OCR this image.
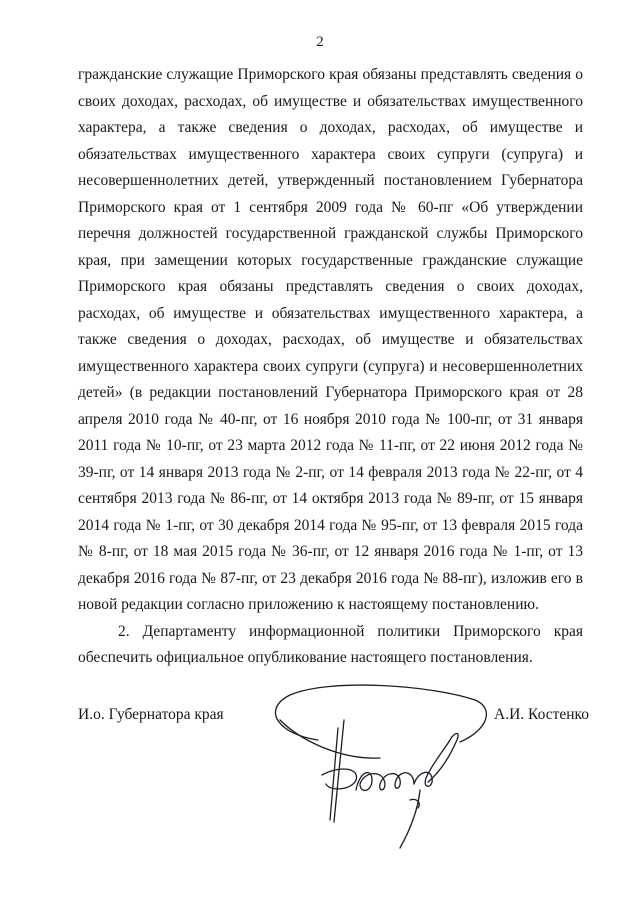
2

гражданские служащие Приморского края обязаны представлять сведения о своих доходах, расходах, об имуществе и обязательствах имущественного характера, а также сведения о доходах, расходах, об имуществе и обязательствах имущественного характера своих супруги (супруга) и несовершеннолетних детей, утвержденный постановлением Губернатора Приморского края от 1 сентября 2009 года № 60-пг «Об утверждении перечня должностей государственной гражданской службы Приморского края, при замещении которых государственные гражданские служащие Приморского края обязаны представлять сведения о своих доходах, расходах, об имуществе и обязательствах имущественного характера, а также сведения о доходах, расходах, об имуществе и обязательствах имущественного характера своих супруги (супруга) и несовершеннолетних детей» (в редакции постановлений Губернатора Приморского края от 28 апреля 2010 года № 40-пг, от 16 ноября 2010 года № 100-пг, от 31 января 2011 года № 10-пг, от 23 марта 2012 года № 11-пг, от 22 июня 2012 года № 39-пг, от 14 января 2013 года № 2-пг, от 14 февраля 2013 года № 22-пг, от 4 сентября 2013 года № 86-пг, от 14 октября 2013 года № 89-пг, от 15 января 2014 года № 1-пг, от 30 декабря 2014 года № 95-пг, от 13 февраля 2015 года № 8-пг, от 18 мая 2015 года № 36-пг, от 12 января 2016 года № 1-пг, от 13 декабря 2016 года № 87-пг, от 23 декабря 2016 года № 88-пг), изложив его в новой редакции согласно приложению к настоящему постановлению.

2. Департаменту информационной политики Приморского края обеспечить официальное опубликование настоящего постановления.

И.о. Губернатора края	А.И. Костенко
